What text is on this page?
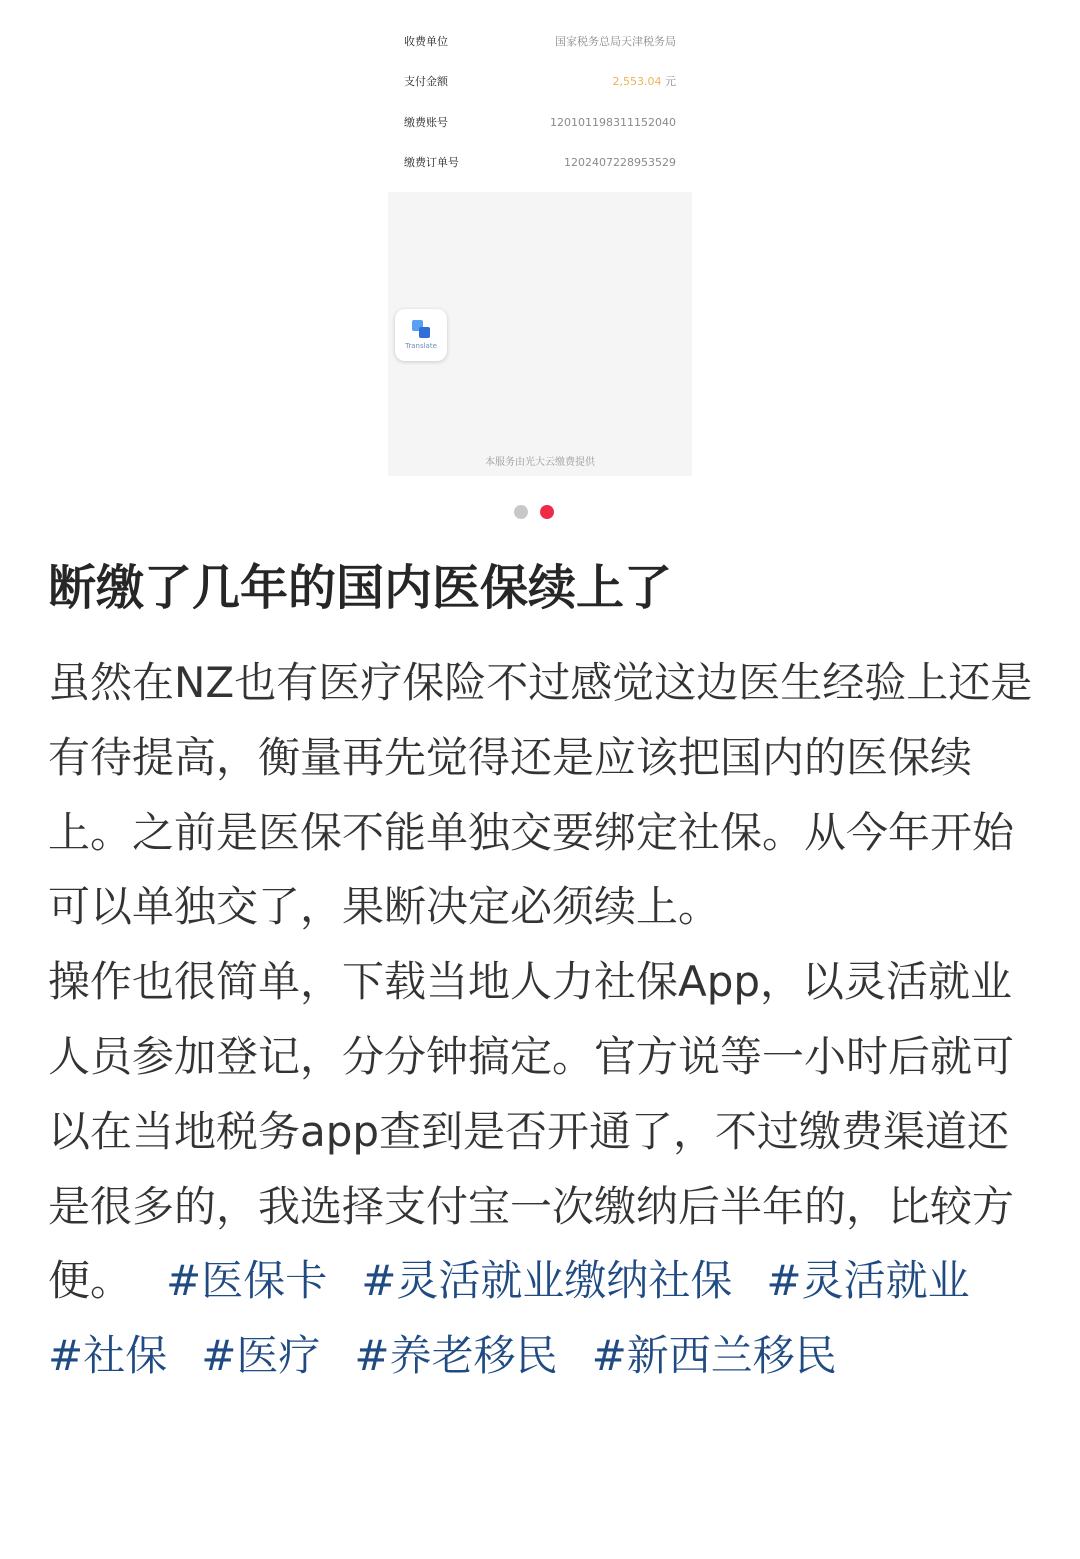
收费单位	国家税务总局天津税务局
支付金额	2,553.04 元
缴费账号	120101198311152040
缴费订单号	1202407228953529
Translate
本服务由光大云缴费提供
断缴了几年的国内医保续上了

虽然在NZ也有医疗保险不过感觉这边医生经验上还是有待提高，衡量再先觉得还是应该把国内的医保续上。之前是医保不能单独交要绑定社保。从今年开始可以单独交了，果断决定必须续上。

操作也很简单，下载当地人力社保App，以灵活就业人员参加登记，分分钟搞定。官方说等一小时后就可以在当地税务app查到是否开通了，不过缴费渠道还是很多的，我选择支付宝一次缴纳后半年的，比较方便。 #医保卡 #灵活就业缴纳社保 #灵活就业#社保 #医疗 #养老移民 #新西兰移民
